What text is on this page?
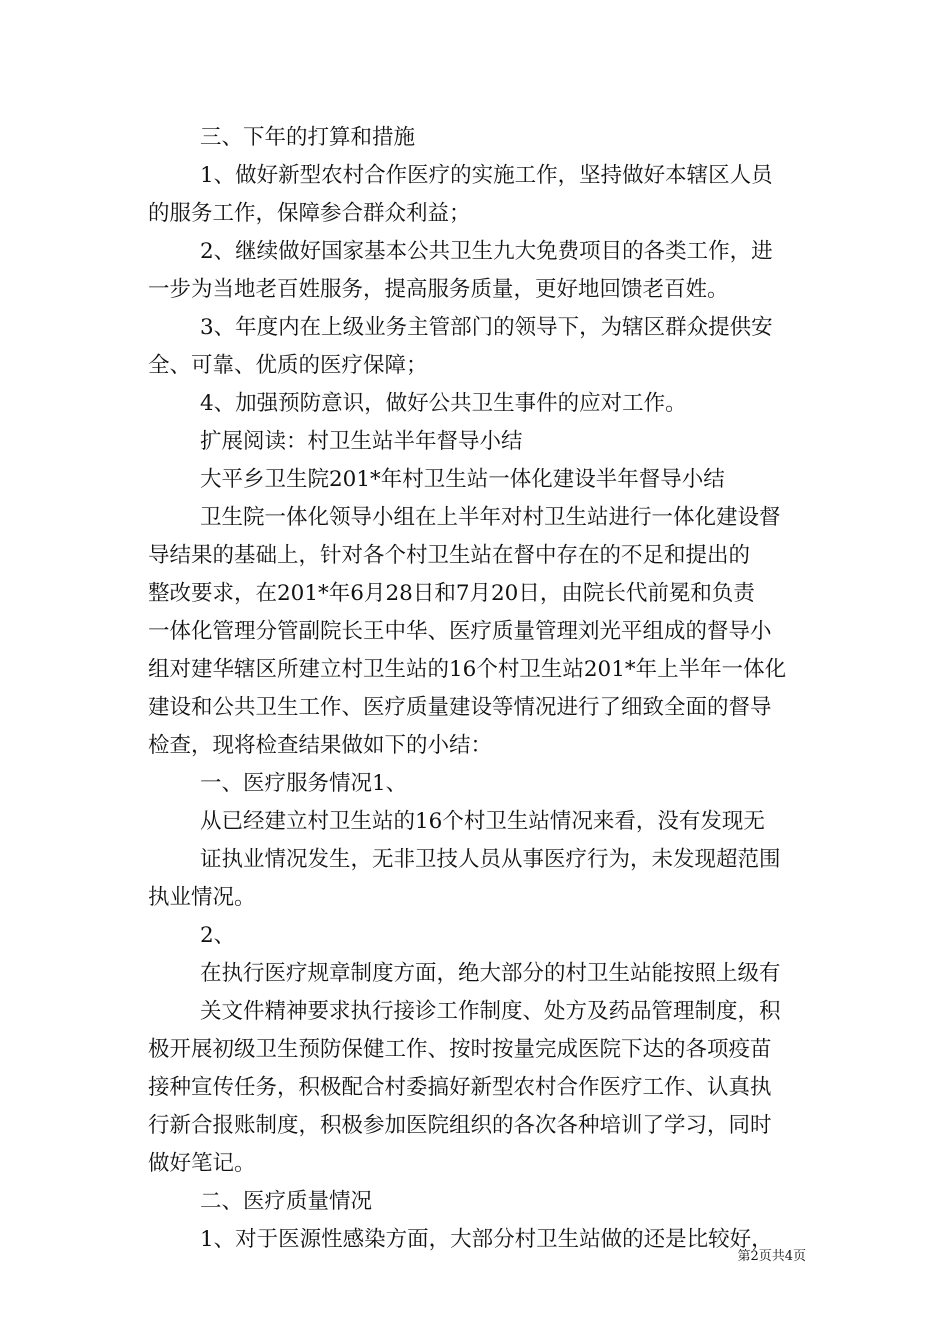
三、下年的打算和措施

1、做好新型农村合作医疗的实施工作，坚持做好本辖区人员

的服务工作，保障参合群众利益；

2、继续做好国家基本公共卫生九大免费项目的各类工作，进

一步为当地老百姓服务，提高服务质量，更好地回馈老百姓。

3、年度内在上级业务主管部门的领导下，为辖区群众提供安

全、可靠、优质的医疗保障；

4、加强预防意识，做好公共卫生事件的应对工作。

扩展阅读：村卫生站半年督导小结

大平乡卫生院201*年村卫生站一体化建设半年督导小结

卫生院一体化领导小组在上半年对村卫生站进行一体化建设督

导结果的基础上，针对各个村卫生站在督中存在的不足和提出的

整改要求，在201*年6月28日和7月20日，由院长代前冕和负责

一体化管理分管副院长王中华、医疗质量管理刘光平组成的督导小

组对建华辖区所建立村卫生站的16个村卫生站201*年上半年一体化

建设和公共卫生工作、医疗质量建设等情况进行了细致全面的督导

检查，现将检查结果做如下的小结：

一、医疗服务情况1、

从已经建立村卫生站的16个村卫生站情况来看，没有发现无

证执业情况发生，无非卫技人员从事医疗行为，未发现超范围

执业情况。

2、

在执行医疗规章制度方面，绝大部分的村卫生站能按照上级有

关文件精神要求执行接诊工作制度、处方及药品管理制度，积

极开展初级卫生预防保健工作、按时按量完成医院下达的各项疫苗

接种宣传任务，积极配合村委搞好新型农村合作医疗工作、认真执

行新合报账制度，积极参加医院组织的各次各种培训了学习，同时

做好笔记。

二、医疗质量情况

1、对于医源性感染方面，大部分村卫生站做的还是比较好，

第2页共4页
